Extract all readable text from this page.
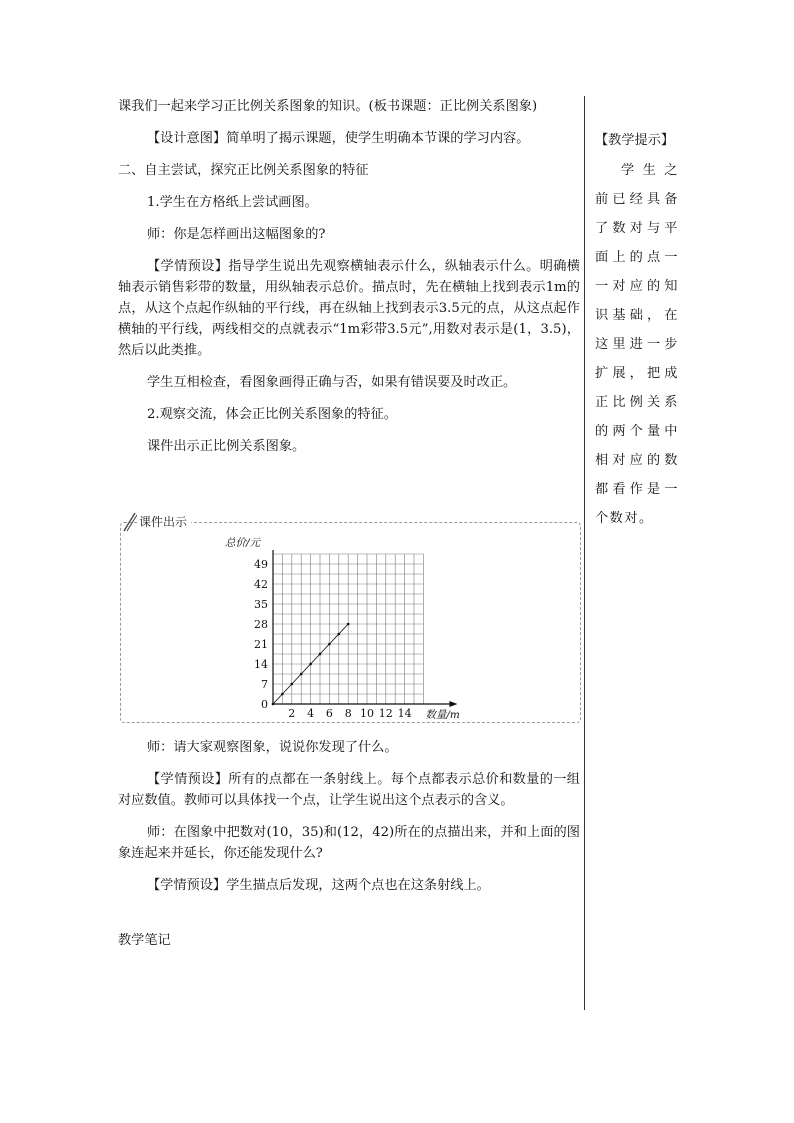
课我们一起来学习正比例关系图象的知识。(板书课题：正比例关系图象)

【设计意图】简单明了揭示课题，使学生明确本节课的学习内容。

二、自主尝试，探究正比例关系图象的特征

1.学生在方格纸上尝试画图。

师：你是怎样画出这幅图象的?

【学情预设】指导学生说出先观察横轴表示什么，纵轴表示什么。明确横轴表示销售彩带的数量，用纵轴表示总价。描点时，先在横轴上找到表示1m的点，从这个点起作纵轴的平行线，再在纵轴上找到表示3.5元的点，从这点起作横轴的平行线，两线相交的点就表示“1m彩带3.5元”,用数对表示是(1，3.5)，然后以此类推。

学生互相检查，看图象画得正确与否，如果有错误要及时改正。

2.观察交流，体会正比例关系图象的特征。

课件出示正比例关系图象。

课件出示
2 4 6 8 10 12 14
7
14
21
28
35
42
49
0
总价/元
数量/m

师：请大家观察图象，说说你发现了什么。

【学情预设】所有的点都在一条射线上。每个点都表示总价和数量的一组对应数值。教师可以具体找一个点，让学生说出这个点表示的含义。

师：在图象中把数对(10，35)和(12，42)所在的点描出来，并和上面的图象连起来并延长，你还能发现什么?

【学情预设】学生描点后发现，这两个点也在这条射线上。

教学笔记

【教学提示】

学生之前已经具备了数对与平面上的点一一对应的知识基础，在这里进一步扩展，把成正比例关系的两个量中相对应的数都看作是一个数对。
